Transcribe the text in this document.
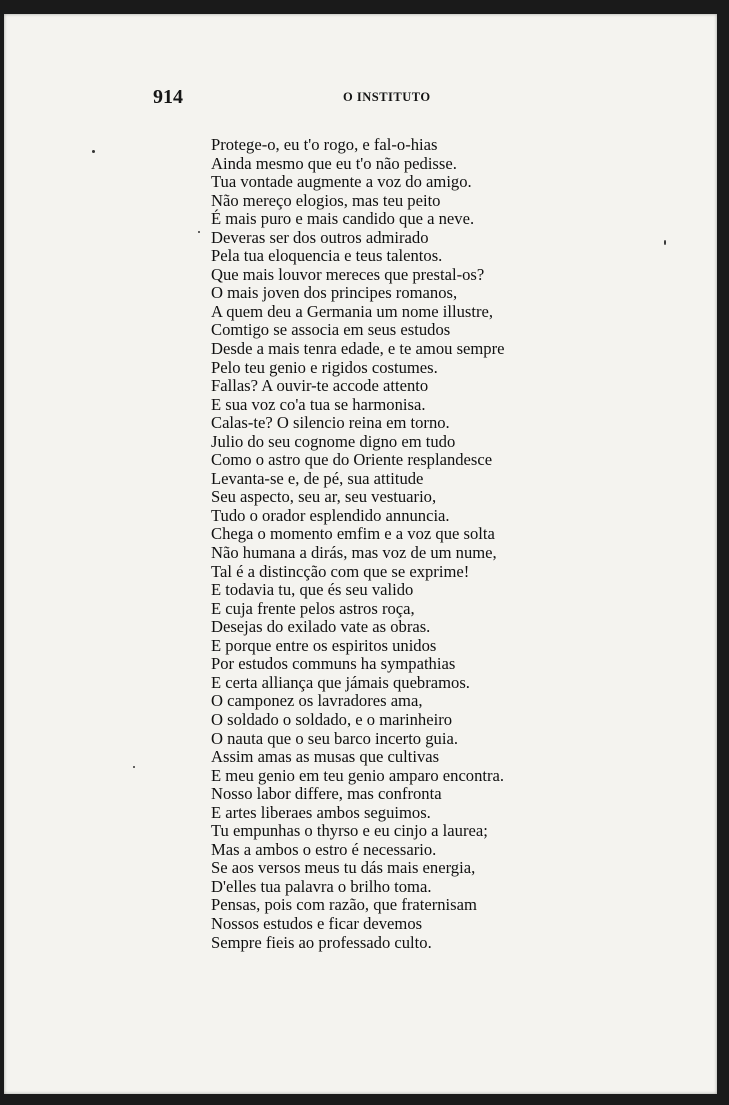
914	O INSTITUTO
Protege-o, eu t'o rogo, e fal-o-hias
Ainda mesmo que eu t'o não pedisse.
Tua vontade augmente a voz do amigo.
Não mereço elogios, mas teu peito
É mais puro e mais candido que a neve.
Deveras ser dos outros admirado
Pela tua eloquencia e teus talentos.
Que mais louvor mereces que prestal-os?
O mais joven dos principes romanos,
A quem deu a Germania um nome illustre,
Comtigo se associa em seus estudos
Desde a mais tenra edade, e te amou sempre
Pelo teu genio e rigidos costumes.
Fallas? A ouvir-te accode attento
E sua voz co'a tua se harmonisa.
Calas-te? O silencio reina em torno.
Julio do seu cognome digno em tudo
Como o astro que do Oriente resplandesce
Levanta-se e, de pé, sua attitude
Seu aspecto, seu ar, seu vestuario,
Tudo o orador esplendido annuncia.
Chega o momento emfim e a voz que solta
Não humana a dirás, mas voz de um nume,
Tal é a distincção com que se exprime!
E todavia tu, que és seu valido
E cuja frente pelos astros roça,
Desejas do exilado vate as obras.
E porque entre os espiritos unidos
Por estudos communs ha sympathias
E certa alliança que jámais quebramos.
O camponez os lavradores ama,
O soldado o soldado, e o marinheiro
O nauta que o seu barco incerto guia.
Assim amas as musas que cultivas
E meu genio em teu genio amparo encontra.
Nosso labor differe, mas confronta
E artes liberaes ambos seguimos.
Tu empunhas o thyrso e eu cinjo a laurea;
Mas a ambos o estro é necessario.
Se aos versos meus tu dás mais energia,
D'elles tua palavra o brilho toma.
Pensas, pois com razão, que fraternisam
Nossos estudos e ficar devemos
Sempre fieis ao professado culto.
